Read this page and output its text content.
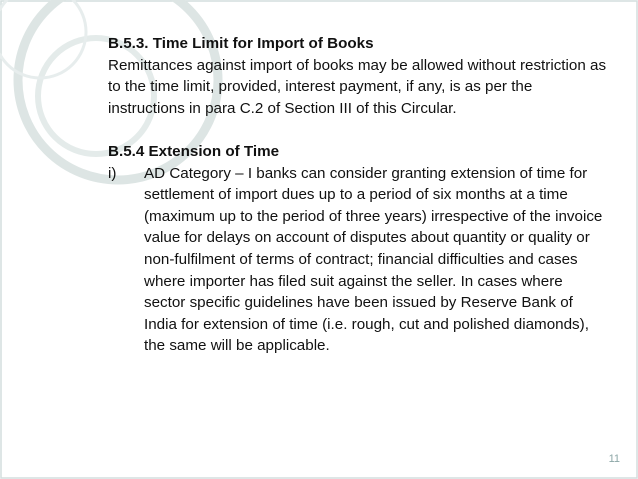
B.5.3. Time Limit for Import of Books

Remittances against import of books may be allowed without restriction as to the time limit, provided, interest payment, if any, is as per the instructions in para C.2 of Section III of this Circular.

B.5.4 Extension of Time
i) AD Category – I banks can consider granting extension of time for settlement of import dues up to a period of six months at a time (maximum up to the period of three years) irrespective of the invoice value for delays on account of disputes about quantity or quality or non-fulfilment of terms of contract; financial difficulties and cases where importer has filed suit against the seller. In cases where sector specific guidelines have been issued by Reserve Bank of India for extension of time (i.e. rough, cut and polished diamonds), the same will be applicable.
11
